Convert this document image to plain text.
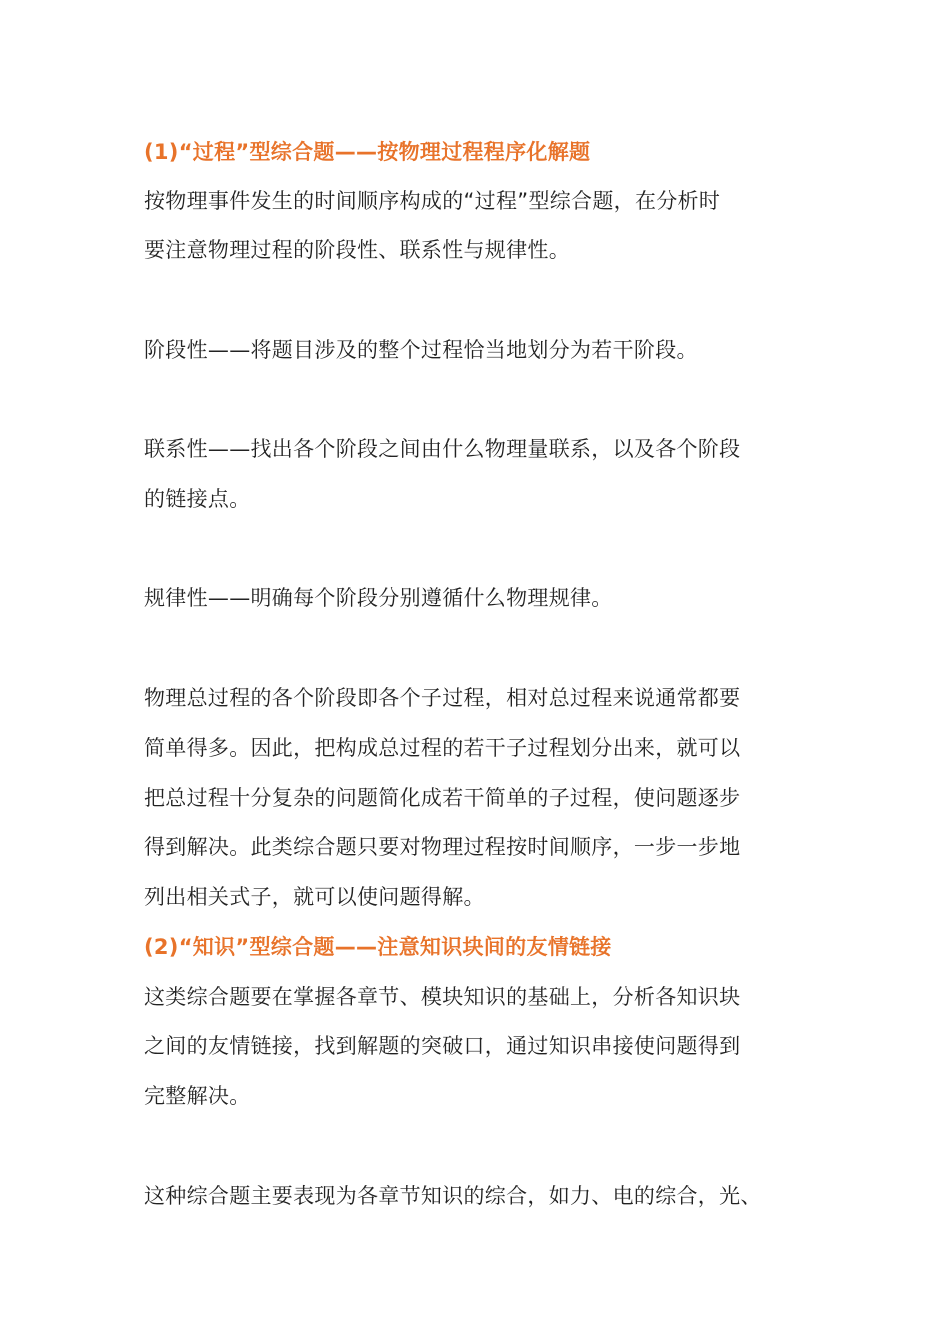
(1)“过程”型综合题——按物理过程程序化解题
按物理事件发生的时间顺序构成的“过程”型综合题，在分析时
要注意物理过程的阶段性、联系性与规律性。
阶段性——将题目涉及的整个过程恰当地划分为若干阶段。
联系性——找出各个阶段之间由什么物理量联系，以及各个阶段
的链接点。
规律性——明确每个阶段分别遵循什么物理规律。
物理总过程的各个阶段即各个子过程，相对总过程来说通常都要
简单得多。因此，把构成总过程的若干子过程划分出来，就可以
把总过程十分复杂的问题简化成若干简单的子过程，使问题逐步
得到解决。此类综合题只要对物理过程按时间顺序，一步一步地
列出相关式子，就可以使问题得解。
(2)“知识”型综合题——注意知识块间的友情链接
这类综合题要在掌握各章节、模块知识的基础上，分析各知识块
之间的友情链接，找到解题的突破口，通过知识串接使问题得到
完整解决。
这种综合题主要表现为各章节知识的综合，如力、电的综合，光、
